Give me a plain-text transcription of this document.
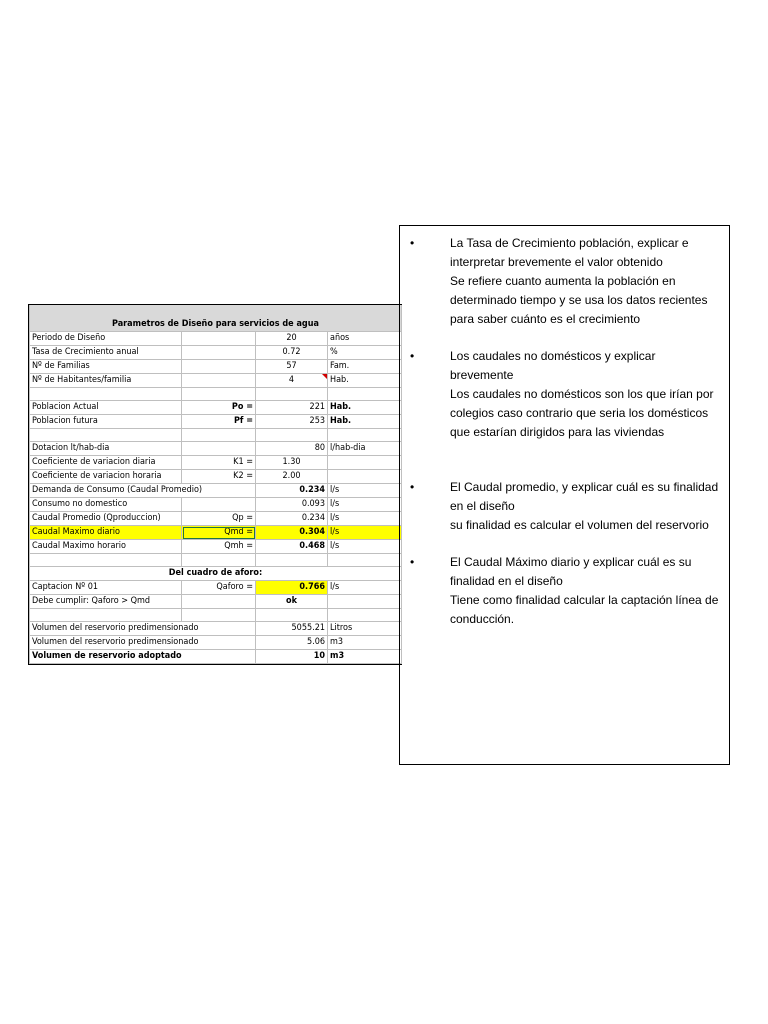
Parametros de Diseño para servicios de agua			
Periodo de Diseño		20	años
Tasa de Crecimiento anual		0.72	%
Nº de Familias		57	Fam.
Nº de Habitantes/familia		4	Hab.

Poblacion Actual	Po =	221	Hab.
Poblacion futura	Pf =	253	Hab.

Dotacion lt/hab-dia		80	l/hab-dia
Coeficiente de variacion diaria	K1 =	1.30	
Coeficiente de variacion horaria	K2 =	2.00	
Demanda de Consumo (Caudal Promedio)		0.234	l/s
Consumo no domestico		0.093	l/s
Caudal Promedio (Qproduccion)	Qp =	0.234	l/s
Caudal Maximo diario	Qmd =	0.304	l/s
Caudal Maximo horario	Qmh =	0.468	l/s

Del cuadro de aforo:			
Captacion Nº 01	Qaforo =	0.766	l/s
Debe cumplir: Qaforo > Qmd		ok	

Volumen del reservorio predimensionado		5055.21	Litros
Volumen del reservorio predimensionado		5.06	m3
Volumen de reservorio adoptado		10	m3
•	La Tasa de Crecimiento población, explicar e interpretar brevemente el valor obtenido
Se refiere cuanto aumenta la población en determinado tiempo y se usa los datos recientes para saber cuánto es el crecimiento
•	Los caudales no domésticos y explicar brevemente
Los caudales no domésticos son los que irían por colegios caso contrario que seria los domésticos que estarían dirigidos para las viviendas
•	El Caudal promedio, y explicar cuál es su finalidad en el diseño
su finalidad es calcular el volumen del reservorio
•	El Caudal Máximo diario y explicar cuál es su finalidad en el diseño
Tiene como finalidad calcular la captación línea de conducción.
